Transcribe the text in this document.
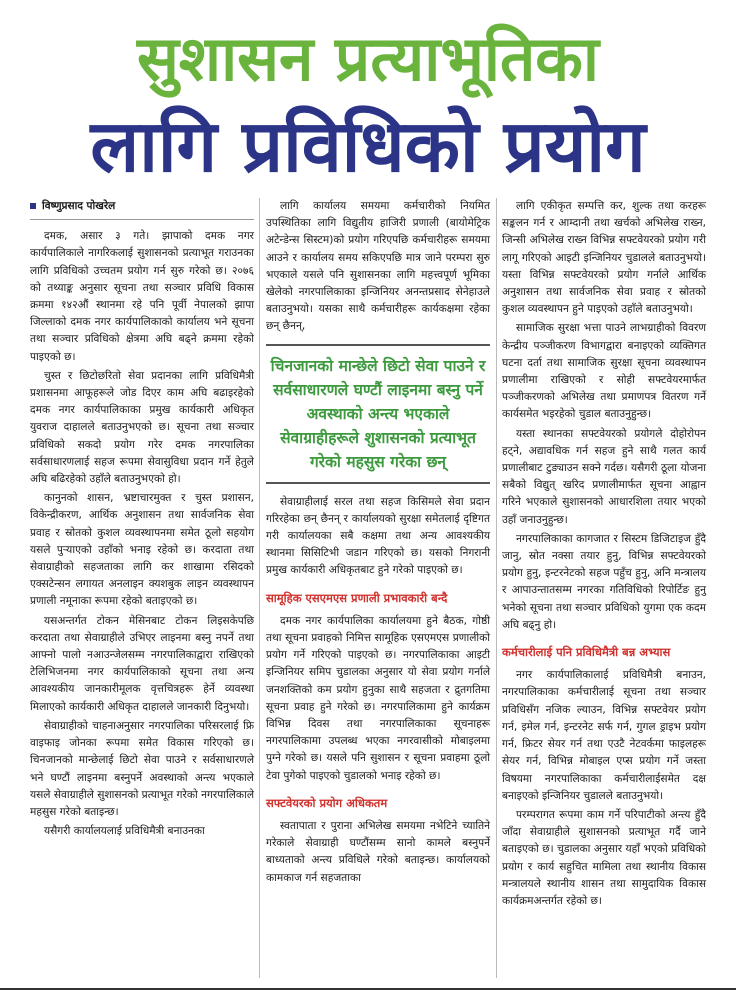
सुशासन प्रत्याभूतिका
लागि प्रविधिको प्रयोग
विष्णुप्रसाद पोखरेल

दमक, असार ३ गते। झापाको दमक नगर कार्यपालिकाले नागरिकलाई सुशासनको प्रत्याभूत गराउनका लागि प्रविधिको उच्चतम प्रयोग गर्न सुरु गरेको छ। २०७६ को तथ्याङ्क अनुसार सूचना तथा सञ्चार प्रविधि विकास क्रममा १४२औं स्थानमा रहे पनि पूर्वी नेपालको झापा जिल्लाको दमक नगर कार्यपालिकाको कार्यालय भने सूचना तथा सञ्चार प्रविधिको क्षेत्रमा अघि बढ्ने क्रममा रहेको पाइएको छ।

चुस्त र छिटोछरितो सेवा प्रदानका लागि प्रविधिमैत्री प्रशासनमा आफूहरूले जोड दिएर काम अघि बढाइरहेको दमक नगर कार्यपालिकाका प्रमुख कार्यकारी अधिकृत युवराज दाहालले बताउनुभएको छ। सूचना तथा सञ्चार प्रविधिको सकदो प्रयोग गरेर दमक नगरपालिका सर्वसाधारणलाई सहज रूपमा सेवासुविधा प्रदान गर्ने हेतुले अघि बढिरहेको उहाँले बताउनुभएको हो।

कानुनको शासन, भ्रष्टाचारमुक्त र चुस्त प्रशासन, विकेन्द्रीकरण, आर्थिक अनुशासन तथा सार्वजनिक सेवा प्रवाह र स्रोतको कुशल व्यवस्थापनमा समेत ठूलो सहयोग यसले पुऱ्याएको उहाँको भनाइ रहेको छ। करदाता तथा सेवाग्राहीको सहजताका लागि कर शाखामा रसिदको एक्सटेन्सन लगायत अनलाइन क्यशबुक लाइन व्यवस्थापन प्रणाली नमूनाका रूपमा रहेको बताइएको छ।

यसअन्तर्गत टोकन मेसिनबाट टोकन लिइसकेपछि करदाता तथा सेवाग्राहीले उभिएर लाइनमा बस्नु नपर्ने तथा आफ्नो पालो नआउन्जेलसम्म नगरपालिकाद्वारा राखिएको टेलिभिजनमा नगर कार्यपालिकाको सूचना तथा अन्य आवश्यकीय जानकारीमूलक वृत्तचित्रहरू हेर्ने व्यवस्था मिलाएको कार्यकारी अधिकृत दाहालले जानकारी दिनुभयो।

सेवाग्राहीको चाहनाअनुसार नगरपालिका परिसरलाई फ्रि वाइफाइ जोनका रूपमा समेत विकास गरिएको छ। चिनजानको मान्छेलाई छिटो सेवा पाउने र सर्वसाधारणले भने घण्टौं लाइनमा बस्नुपर्ने अवस्थाको अन्त्य भएकाले यसले सेवाग्राहीले सुशासनको प्रत्याभूत गरेको नगरपालिकाले महसुस गरेको बताइन्छ।

यसैगरी कार्यालयलाई प्रविधिमैत्री बनाउनका

लागि कार्यालय समयमा कर्मचारीको नियमित उपस्थितिका लागि विद्युतीय हाजिरी प्रणाली (बायोमेट्रिक अटेन्डेन्स सिस्टम)को प्रयोग गरिएपछि कर्मचारीहरू समयमा आउने र कार्यालय समय सकिएपछि मात्र जाने परम्परा सुरु भएकाले यसले पनि सुशासनका लागि महत्त्वपूर्ण भूमिका खेलेको नगरपालिकाका इन्जिनियर अनन्तप्रसाद सेनेहाउले बताउनुभयो। यसका साथै कर्मचारीहरू कार्यकक्षमा रहेका छन् छैनन्,

चिनजानको मान्छेले छिटो सेवा पाउने र सर्वसाधारणले घण्टौं लाइनमा बस्नु पर्ने अवस्थाको अन्त्य भएकाले सेवाग्राहीहरूले शुशासनको प्रत्याभूत गरेको महसुस गरेका छन्

सेवाग्राहीलाई सरल तथा सहज किसिमले सेवा प्रदान गरिरहेका छन् छैनन् र कार्यालयको सुरक्षा समेतलाई दृष्टिगत गरी कार्यालयका सबै कक्षमा तथा अन्य आवश्यकीय स्थानमा सिसिटिभी जडान गरिएको छ। यसको निगरानी प्रमुख कार्यकारी अधिकृतबाट हुने गरेको पाइएको छ।

सामूहिक एसएमएस प्रणाली प्रभावकारी बन्दै

दमक नगर कार्यपालिका कार्यालयमा हुने बैठक, गोष्ठी तथा सूचना प्रवाहको निमित्त सामूहिक एसएमएस प्रणालीको प्रयोग गर्ने गरिएको पाइएको छ। नगरपालिकाका आइटी इन्जिनियर समिप चुडालका अनुसार यो सेवा प्रयोग गर्नाले जनशक्तिको कम प्रयोग हुनुका साथै सहजता र द्रुतगतिमा सूचना प्रवाह हुने गरेको छ। नगरपालिकामा हुने कार्यक्रम विभिन्न दिवस तथा नगरपालिकाका सूचनाहरू नगरपालिकामा उपलब्ध भएका नगरवासीको मोबाइलमा पुग्ने गरेको छ। यसले पनि सुशासन र सूचना प्रवाहमा ठूलो टेवा पुगेको पाइएको चुडालको भनाइ रहेको छ।

सफ्टवेयरको प्रयोग अधिकतम

स्वतापाता र पुराना अभिलेख समयमा नभेटिने च्यातिने गरेकाले सेवाग्राही घण्टौंसम्म सानो कामले बस्नुपर्ने बाध्यताको अन्त्य प्रविधिले गरेको बताइन्छ। कार्यालयको कामकाज गर्न सहजताका

लागि एकीकृत सम्पत्ति कर, शुल्क तथा करहरू सङ्कलन गर्न र आम्दानी तथा खर्चको अभिलेख राख्न, जिन्सी अभिलेख राख्न विभिन्न सफ्टवेयरको प्रयोग गरी लागू गरिएको आइटी इन्जिनियर चुडालले बताउनुभयो। यस्ता विभिन्न सफ्टवेयरको प्रयोग गर्नाले आर्थिक अनुशासन तथा सार्वजनिक सेवा प्रवाह र स्रोतको कुशल व्यवस्थापन हुने पाइएको उहाँले बताउनुभयो।

सामाजिक सुरक्षा भत्ता पाउने लाभग्राहीको विवरण केन्द्रीय पञ्जीकरण विभागद्वारा बनाइएको व्यक्तिगत घटना दर्ता तथा सामाजिक सुरक्षा सूचना व्यवस्थापन प्रणालीमा राखिएको र सोही सफ्टवेयरमार्फत पञ्जीकरणको अभिलेख तथा प्रमाणपत्र वितरण गर्ने कार्यसमेत भइरहेको चुडाल बताउनुहुन्छ।

यस्ता स्थानका सफ्टवेयरको प्रयोगले दोहोरोपन हट्ने, अद्यावधिक गर्न सहज हुने साथै गलत कार्य प्रणालीबाट टुङ्याउन सक्ने गर्दछ। यसैगरी ठूला योजना सबैको विद्युत् खरिद प्रणालीमार्फत सूचना आह्वान गरिने भएकाले सुशासनको आधारशिला तयार भएको उहाँ जनाउनुहुन्छ।

नगरपालिकाका कागजात र सिस्टम डिजिटाइज हुँदै जानु, स्रोत नक्सा तयार हुनु, विभिन्न सफ्टवेयरको प्रयोग हुनु, इन्टरनेटको सहज पहुँच हुनु, अनि मन्त्रालय र आपाउन्तातसम्म नगरका गतिविधिको रिपोर्टिङ हुनु भनेको सूचना तथा सञ्चार प्रविधिको युगमा एक कदम अघि बढ्नु हो।

कर्मचारीलाई पनि प्रविधिमैत्री बन्न अभ्यास

नगर कार्यपालिकालाई प्रविधिमैत्री बनाउन, नगरपालिकाका कर्मचारीलाई सूचना तथा सञ्चार प्रविधिसँग नजिक ल्याउन, विभिन्न सफ्टवेयर प्रयोग गर्न, इमेल गर्न, इन्टरनेट सर्फ गर्न, गुगल ड्राइभ प्रयोग गर्न, फ्रिटर सेयर गर्न तथा एउटै नेटवर्कमा फाइलहरू सेयर गर्न, विभिन्न मोबाइल एप्स प्रयोग गर्ने जस्ता विषयमा नगरपालिकाका कर्मचारीलाईसमेत दक्ष बनाइएको इन्जिनियर चुडालले बताउनुभयो।

परम्परागत रूपमा काम गर्ने परिपाटीको अन्त्य हुँदै जाँदा सेवाग्राहीले सुशासनको प्रत्याभूत गर्दै जाने बताइएको छ। चुडालका अनुसार यहाँ भएको प्रविधिको प्रयोग र कार्य सहुचित मामिला तथा स्थानीय विकास मन्त्रालयले स्थानीय शासन तथा सामुदायिक विकास कार्यक्रमअन्तर्गत रहेको छ।
